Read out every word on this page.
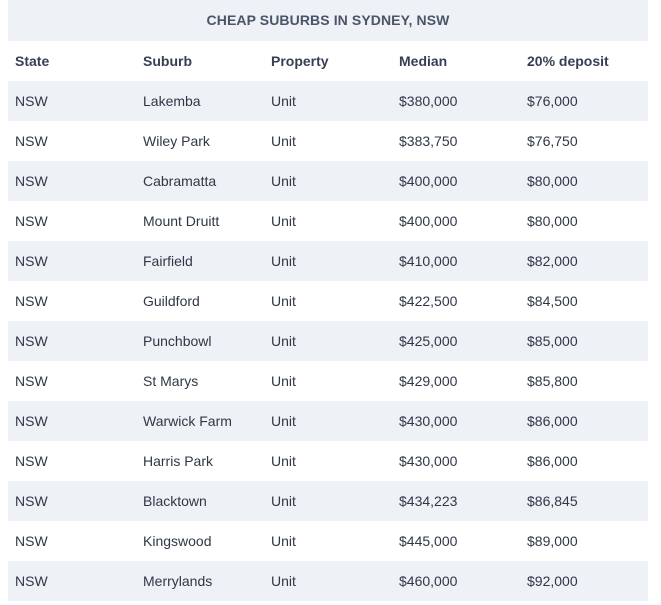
CHEAP SUBURBS IN SYDNEY, NSW
State	Suburb	Property	Median	20% deposit
NSW	Lakemba	Unit	$380,000	$76,000
NSW	Wiley Park	Unit	$383,750	$76,750
NSW	Cabramatta	Unit	$400,000	$80,000
NSW	Mount Druitt	Unit	$400,000	$80,000
NSW	Fairfield	Unit	$410,000	$82,000
NSW	Guildford	Unit	$422,500	$84,500
NSW	Punchbowl	Unit	$425,000	$85,000
NSW	St Marys	Unit	$429,000	$85,800
NSW	Warwick Farm	Unit	$430,000	$86,000
NSW	Harris Park	Unit	$430,000	$86,000
NSW	Blacktown	Unit	$434,223	$86,845
NSW	Kingswood	Unit	$445,000	$89,000
NSW	Merrylands	Unit	$460,000	$92,000
